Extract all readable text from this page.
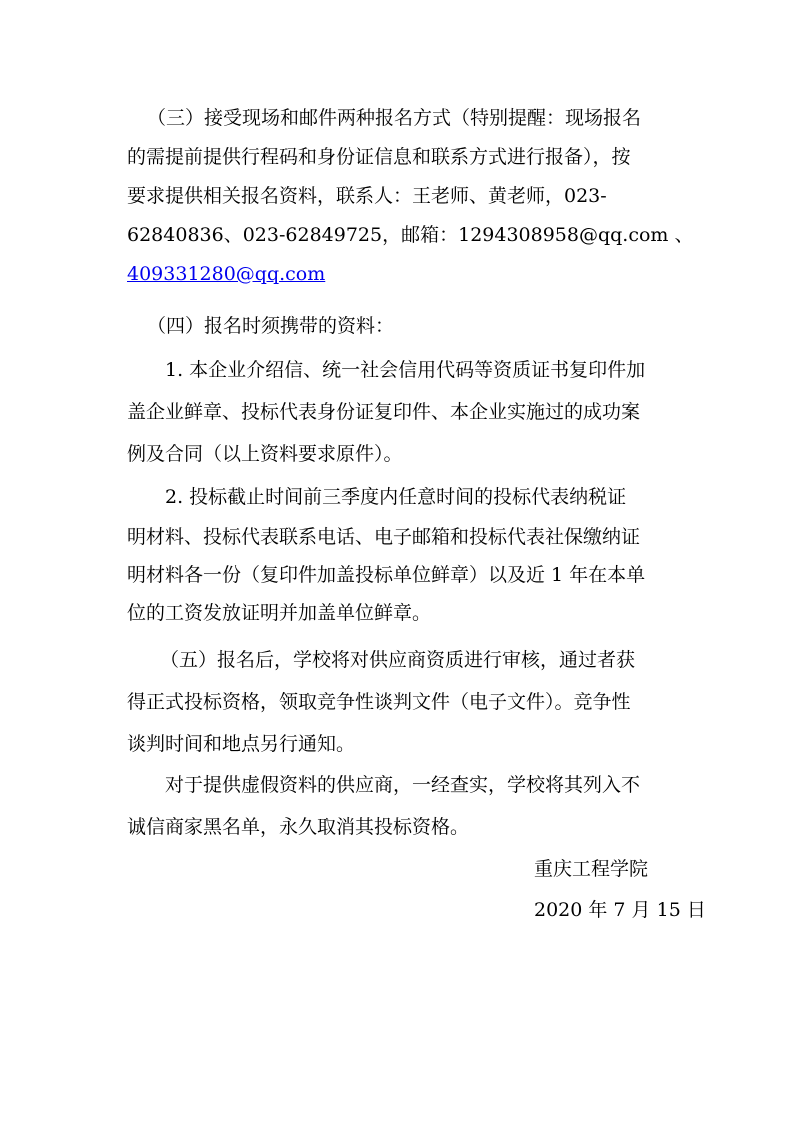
（三）接受现场和邮件两种报名方式（特别提醒：现场报名
的需提前提供行程码和身份证信息和联系方式进行报备），按
要求提供相关报名资料，联系人：王老师、黄老师，023-
62840836、023-62849725，邮箱：1294308958@qq.com 、
409331280@qq.com
（四）报名时须携带的资料：
1. 本企业介绍信、统一社会信用代码等资质证书复印件加
盖企业鲜章、投标代表身份证复印件、本企业实施过的成功案
例及合同（以上资料要求原件）。
2. 投标截止时间前三季度内任意时间的投标代表纳税证
明材料、投标代表联系电话、电子邮箱和投标代表社保缴纳证
明材料各一份（复印件加盖投标单位鲜章）以及近 1 年在本单
位的工资发放证明并加盖单位鲜章。
（五）报名后，学校将对供应商资质进行审核，通过者获
得正式投标资格，领取竞争性谈判文件（电子文件）。竞争性
谈判时间和地点另行通知。
对于提供虚假资料的供应商，一经查实，学校将其列入不
诚信商家黑名单，永久取消其投标资格。
重庆工程学院
2020 年 7 月 15 日
